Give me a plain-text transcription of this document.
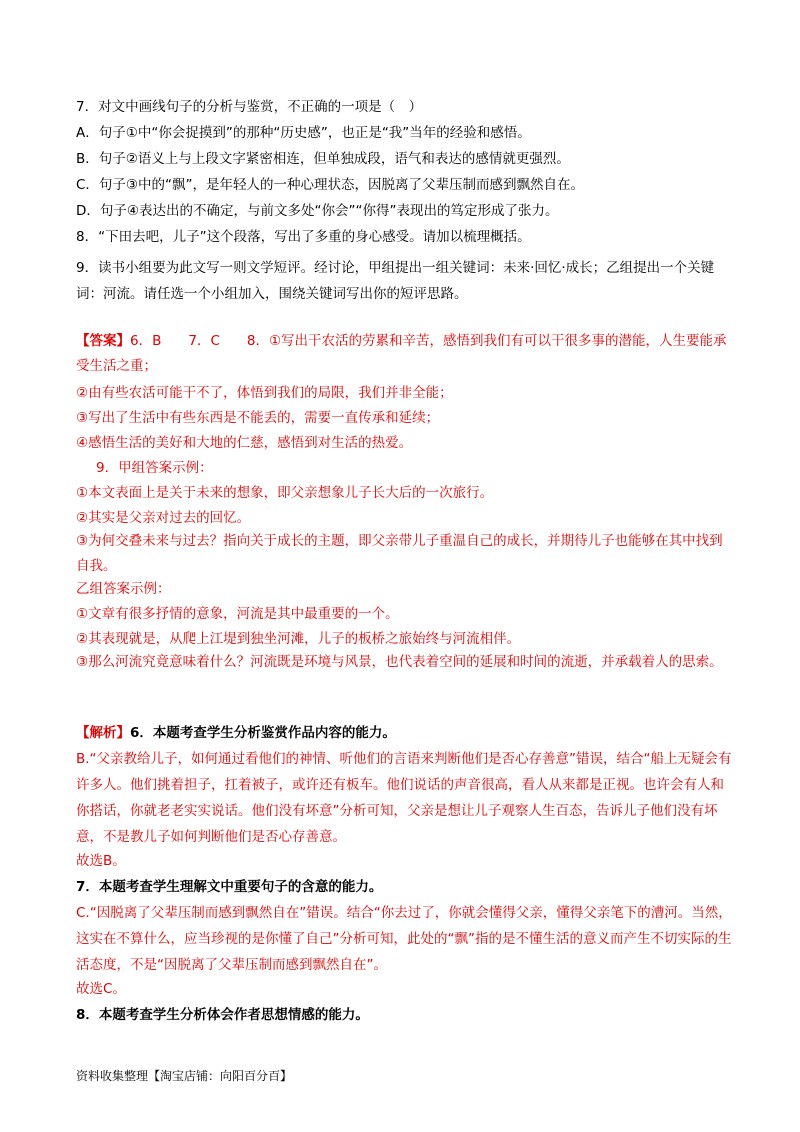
7．对文中画线句子的分析与鉴赏，不正确的一项是（　）
A．句子①中“你会捉摸到”的那种“历史感”，也正是“我”当年的经验和感悟。
B．句子②语义上与上段文字紧密相连，但单独成段，语气和表达的感情就更强烈。
C．句子③中的“飘”，是年轻人的一种心理状态，因脱离了父辈压制而感到飘然自在。
D．句子④表达出的不确定，与前文多处“你会”“你得”表现出的笃定形成了张力。
8．“下田去吧，儿子”这个段落，写出了多重的身心感受。请加以梳理概括。
9．读书小组要为此文写一则文学短评。经讨论，甲组提出一组关键词：未来·回忆·成长；乙组提出一个关键词：河流。请任选一个小组加入，围绕关键词写出你的短评思路。
【答案】6．B　　7．C　　8．①写出干农活的劳累和辛苦，感悟到我们有可以干很多事的潜能，人生要能承受生活之重；
②由有些农活可能干不了，体悟到我们的局限，我们并非全能；
③写出了生活中有些东西是不能丢的，需要一直传承和延续；
④感悟生活的美好和大地的仁慈，感悟到对生活的热爱。
9．甲组答案示例：
①本文表面上是关于未来的想象，即父亲想象儿子长大后的一次旅行。
②其实是父亲对过去的回忆。
③为何交叠未来与过去？指向关于成长的主题，即父亲带儿子重温自己的成长，并期待儿子也能够在其中找到自我。
乙组答案示例：
①文章有很多抒情的意象，河流是其中最重要的一个。
②其表现就是，从爬上江堤到独坐河滩，儿子的板桥之旅始终与河流相伴。
③那么河流究竟意味着什么？河流既是环境与风景，也代表着空间的延展和时间的流逝，并承载着人的思索。
【解析】6．本题考查学生分析鉴赏作品内容的能力。
B.“父亲教给儿子，如何通过看他们的神情、听他们的言语来判断他们是否心存善意”错误，结合“船上无疑会有许多人。他们挑着担子，扛着被子，或许还有板车。他们说话的声音很高，看人从来都是正视。也许会有人和你搭话，你就老老实实说话。他们没有坏意”分析可知，父亲是想让儿子观察人生百态，告诉儿子他们没有坏意，不是教儿子如何判断他们是否心存善意。
故选B。
7．本题考查学生理解文中重要句子的含意的能力。
C.“因脱离了父辈压制而感到飘然自在”错误。结合“你去过了，你就会懂得父亲，懂得父亲笔下的漕河。当然，这实在不算什么，应当珍视的是你懂了自己”分析可知，此处的“飘”指的是不懂生活的意义而产生不切实际的生活态度，不是“因脱离了父辈压制而感到飘然自在”。
故选C。
8．本题考查学生分析体会作者思想情感的能力。
资料收集整理【淘宝店铺：向阳百分百】
